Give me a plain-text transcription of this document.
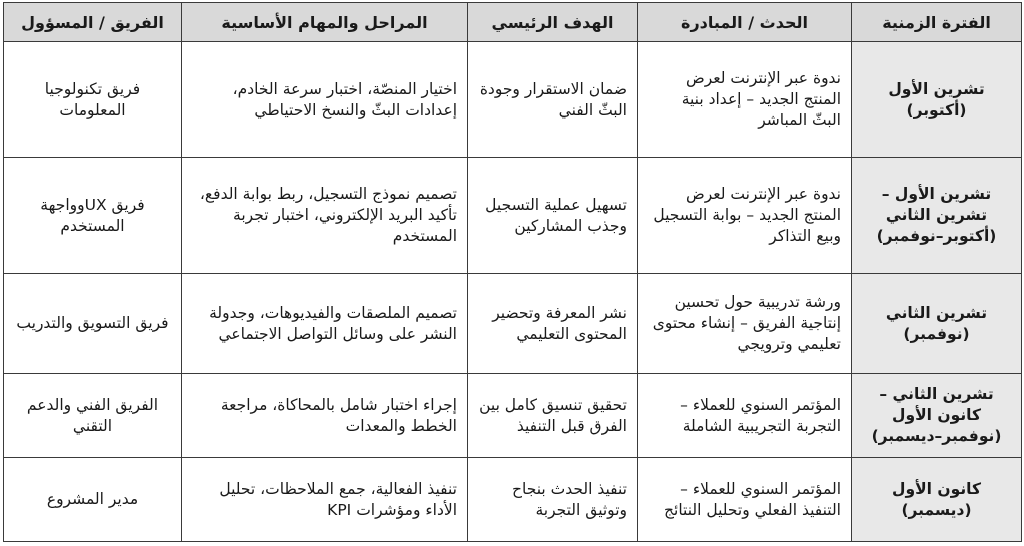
الفترة الزمنية	الحدث / المبادرة	الهدف الرئيسي	المراحل والمهام الأساسية	الفريق / المسؤول

تشرين الأول
(أكتوبر)	ندوة عبر الإنترنت لعرض المنتج الجديد – إعداد بنية البثّ المباشر	ضمان الاستقرار وجودة البثّ الفني	اختيار المنصّة، اختبار سرعة الخادم، إعدادات البثّ والنسخ الاحتياطي	فريق تكنولوجيا المعلومات

تشرين الأول –
تشرين الثاني
(أكتوبر–نوفمبر)	ندوة عبر الإنترنت لعرض المنتج الجديد – بوابة التسجيل وبيع التذاكر	تسهيل عملية التسجيل وجذب المشاركين	تصميم نموذج التسجيل، ربط بوابة الدفع، تأكيد البريد الإلكتروني، اختبار تجربة المستخدم	فريق UXوواجهة المستخدم

تشرين الثاني
(نوفمبر)	ورشة تدريبية حول تحسين إنتاجية الفريق – إنشاء محتوى تعليمي وترويجي	نشر المعرفة وتحضير المحتوى التعليمي	تصميم الملصقات والفيديوهات، وجدولة النشر على وسائل التواصل الاجتماعي	فريق التسويق والتدريب

تشرين الثاني –
كانون الأول
(نوفمبر–ديسمبر)	المؤتمر السنوي للعملاء – التجربة التجريبية الشاملة	تحقيق تنسيق كامل بين الفرق قبل التنفيذ	إجراء اختبار شامل بالمحاكاة، مراجعة الخطط والمعدات	الفريق الفني والدعم التقني

كانون الأول
(ديسمبر)	المؤتمر السنوي للعملاء – التنفيذ الفعلي وتحليل النتائج	تنفيذ الحدث بنجاح وتوثيق التجربة	تنفيذ الفعالية، جمع الملاحظات، تحليل الأداء ومؤشرات KPI	مدير المشروع
